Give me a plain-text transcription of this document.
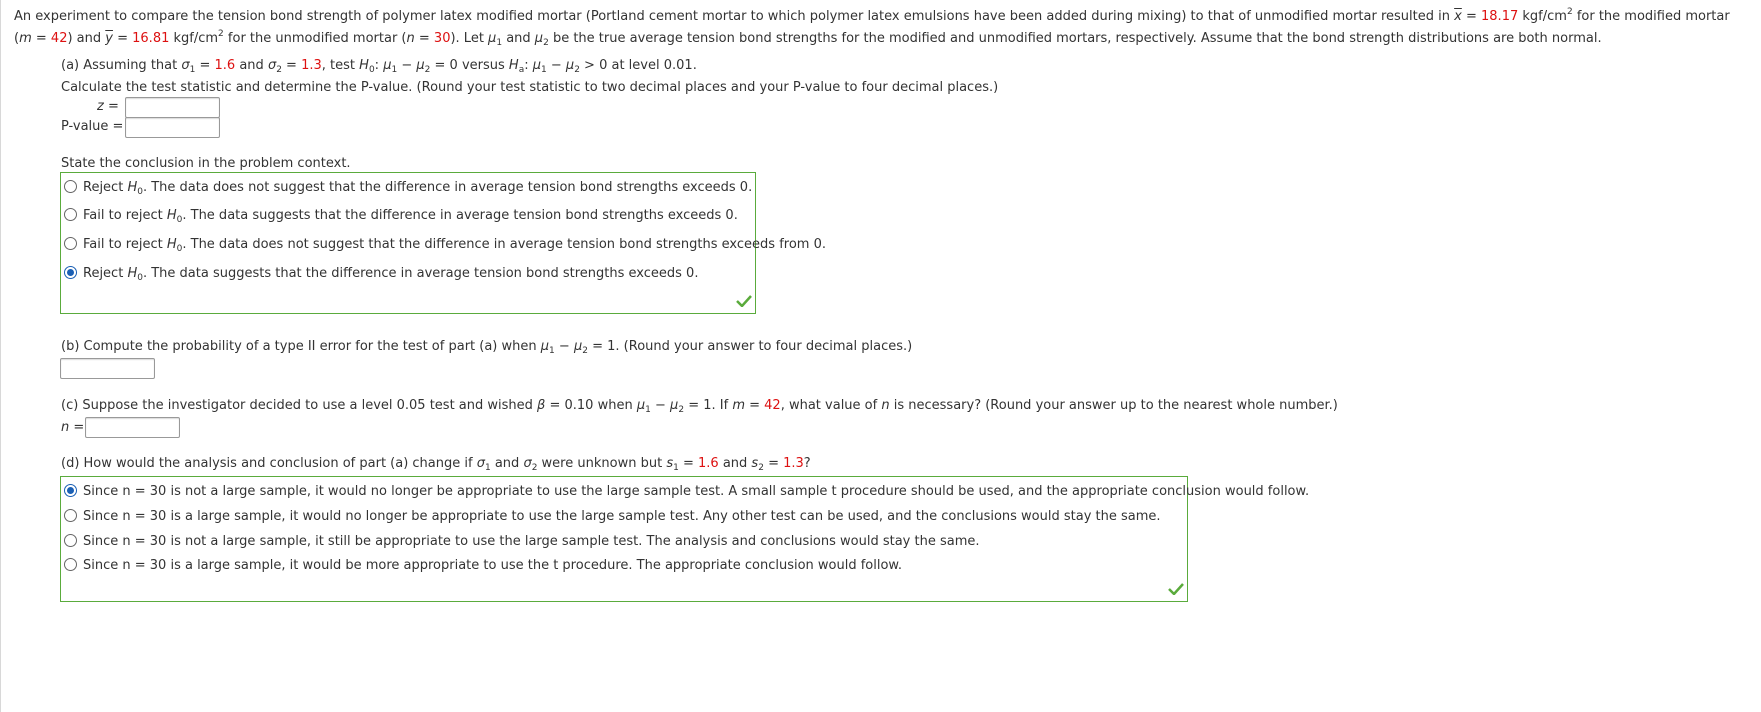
An experiment to compare the tension bond strength of polymer latex modified mortar (Portland cement mortar to which polymer latex emulsions have been added during mixing) to that of unmodified mortar resulted in $\overline{x} = 18.17$ kgf/$cm^2$ for the modified mortar
(m = 42) and $\overline{y} = 16.81$ kgf/$cm^2$ for the unmodified mortar (n = 30). Let $\mu_1$ and $\mu_2$ be the true average tension bond strengths for the modified and unmodified mortars, respectively. Assume that the bond strength distributions are both normal.
(a) Assuming that $\sigma_1 = 1.6$ and $\sigma_2 = 1.3$, test $H_0$: $\mu_1 - \mu_2 = 0$ versus $H_a$: $\mu_1 - \mu_2 > 0$ at level 0.01.
Calculate the test statistic and determine the P-value. (Round your test statistic to two decimal places and your P-value to four decimal places.)
z =
P-value =
State the conclusion in the problem context.
Reject $H_0$. The data does not suggest that the difference in average tension bond strengths exceeds 0.
Fail to reject $H_0$. The data suggests that the difference in average tension bond strengths exceeds 0.
Fail to reject $H_0$. The data does not suggest that the difference in average tension bond strengths exceeds from 0.
Reject $H_0$. The data suggests that the difference in average tension bond strengths exceeds 0.
(b) Compute the probability of a type II error for the test of part (a) when $\mu_1 - \mu_2 = 1$. (Round your answer to four decimal places.)
(c) Suppose the investigator decided to use a level 0.05 test and wished β = 0.10 when $\mu_1 - \mu_2 = 1$. If m = 42, what value of n is necessary? (Round your answer up to the nearest whole number.)
n =
(d) How would the analysis and conclusion of part (a) change if $\sigma_1$ and $\sigma_2$ were unknown but $s_1 = 1.6$ and $s_2 = 1.3$?
Since n = 30 is not a large sample, it would no longer be appropriate to use the large sample test. A small sample t procedure should be used, and the appropriate conclusion would follow.
Since n = 30 is a large sample, it would no longer be appropriate to use the large sample test. Any other test can be used, and the conclusions would stay the same.
Since n = 30 is not a large sample, it still be appropriate to use the large sample test. The analysis and conclusions would stay the same.
Since n = 30 is a large sample, it would be more appropriate to use the t procedure. The appropriate conclusion would follow.
